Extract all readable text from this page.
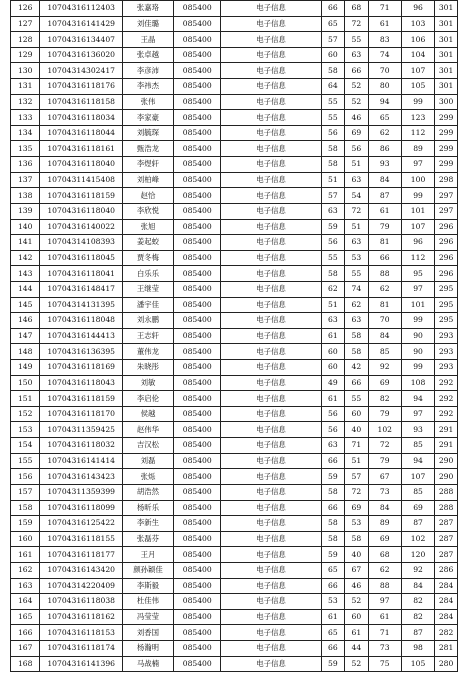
126	10704316112403	张嘉珞	085400	电子信息	66	68	71	96	301
127	10704316141429	刘佳璐	085400	电子信息	65	72	61	103	301
128	10704316134407	王晶	085400	电子信息	57	55	83	106	301
129	10704316136020	张卓越	085400	电子信息	60	63	74	104	301
130	10704314302417	李彦沛	085400	电子信息	58	66	70	107	301
131	10704316118176	李祎杰	085400	电子信息	64	52	80	105	301
132	10704316118158	张伟	085400	电子信息	55	52	94	99	300
133	10704316118034	李家豪	085400	电子信息	55	46	65	123	299
134	10704316118044	刘毓琛	085400	电子信息	56	69	62	112	299
135	10704316118161	甄浩龙	085400	电子信息	58	56	86	89	299
136	10704316118040	李煜轩	085400	电子信息	58	51	93	97	299
137	10704311415408	刘柏峰	085400	电子信息	51	63	84	100	298
138	10704316118159	赵恰	085400	电子信息	57	54	87	99	297
139	10704316118040	李欣悦	085400	电子信息	63	72	61	101	297
140	10704316140022	张旭	085400	电子信息	59	51	79	107	296
141	10704314108393	姜起蛟	085400	电子信息	56	63	81	96	296
142	10704316118045	贾冬梅	085400	电子信息	55	53	66	112	296
143	10704316118041	白乐乐	085400	电子信息	58	55	88	95	296
144	10704316148417	王继莹	085400	电子信息	62	74	62	97	295
145	10704314131395	潘宇佳	085400	电子信息	51	62	81	101	295
146	10704316118048	刘永鹏	085400	电子信息	63	63	70	99	295
147	10704316144413	王志轩	085400	电子信息	61	58	84	90	293
148	10704316136395	董伟龙	085400	电子信息	60	58	85	90	293
149	10704316118169	朱晓彤	085400	电子信息	60	42	92	99	293
150	10704316118043	刘敏	085400	电子信息	49	66	69	108	292
151	10704316118159	李启伦	085400	电子信息	61	55	82	94	292
152	10704316118170	侯越	085400	电子信息	56	60	79	97	292
153	10704311359425	赵伟华	085400	电子信息	56	40	102	93	291
154	10704316118032	吉汉松	085400	电子信息	63	71	72	85	291
155	10704316141414	刘磊	085400	电子信息	66	51	79	94	290
156	10704316143423	张烁	085400	电子信息	59	57	67	107	290
157	10704311359399	胡浩然	085400	电子信息	58	72	73	85	288
158	10704316118099	杨昕乐	085400	电子信息	66	69	84	69	288
159	10704316125422	李新生	085400	电子信息	58	53	89	87	287
160	10704316118155	张磊芬	085400	电子信息	58	58	69	102	287
161	10704316118177	王月	085400	电子信息	59	40	68	120	287
162	10704316143420	颜孙颖佳	085400	电子信息	65	67	62	92	286
163	10704314220409	李斯毅	085400	电子信息	66	46	88	84	284
164	10704316118038	杜佳伟	085400	电子信息	53	52	97	82	284
165	10704316118162	冯莹莹	085400	电子信息	61	60	61	82	284
166	10704316118153	刘香国	085400	电子信息	65	61	71	87	282
167	10704316118174	杨瀚明	085400	电子信息	66	44	73	98	281
168	10704316141396	马战楠	085400	电子信息	59	52	75	105	280
